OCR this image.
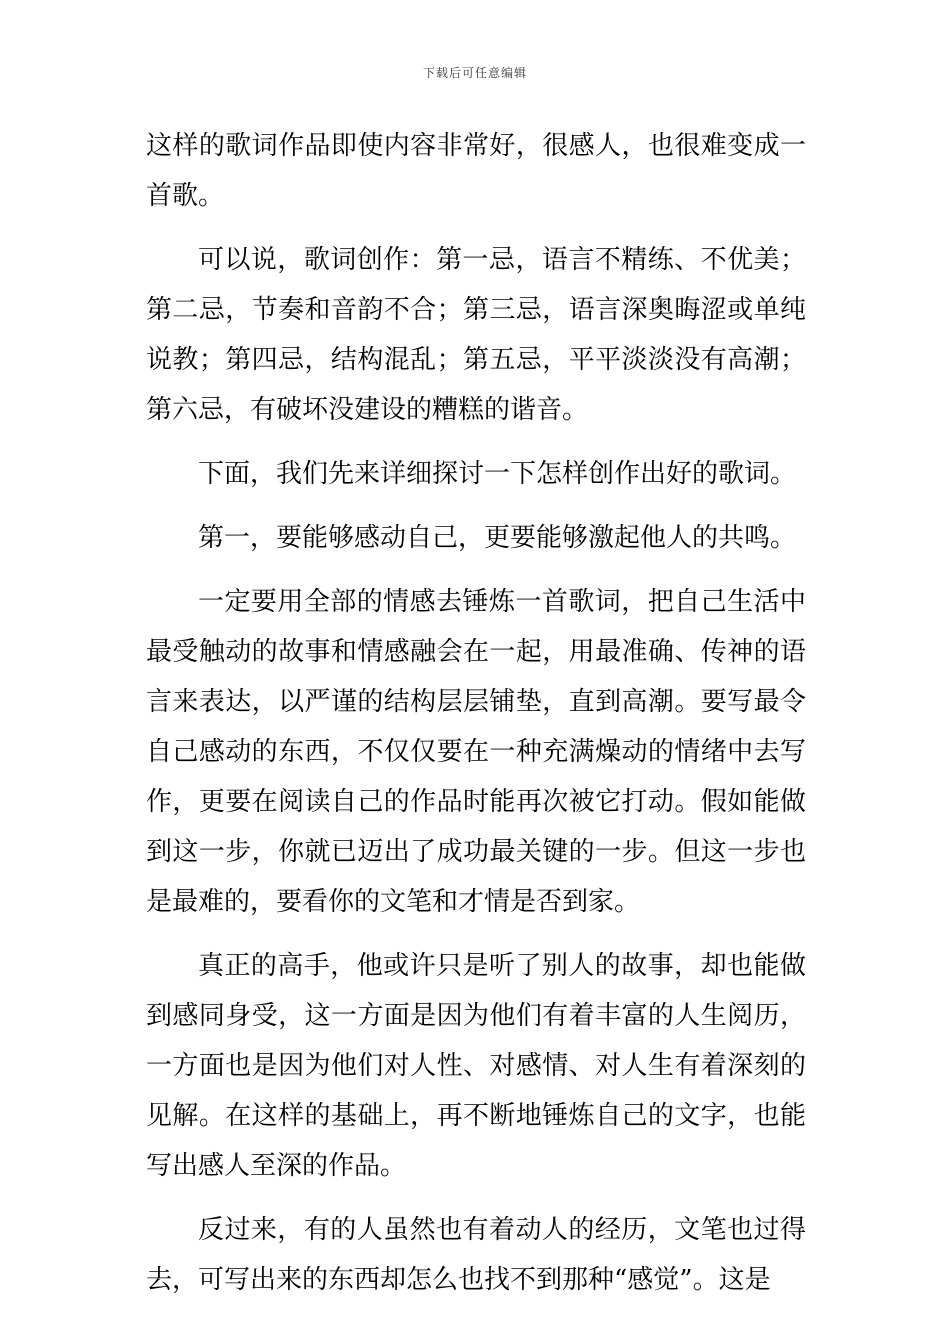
下载后可任意编辑

这样的歌词作品即使内容非常好，很感人，也很难变成一首歌。

可以说，歌词创作：第一忌，语言不精练、不优美；第二忌，节奏和音韵不合；第三忌，语言深奥晦涩或单纯说教；第四忌，结构混乱；第五忌，平平淡淡没有高潮；第六忌，有破坏没建设的糟糕的谐音。

下面，我们先来详细探讨一下怎样创作出好的歌词。

第一，要能够感动自己，更要能够激起他人的共鸣。

一定要用全部的情感去锤炼一首歌词，把自己生活中最受触动的故事和情感融会在一起，用最准确、传神的语言来表达，以严谨的结构层层铺垫，直到高潮。要写最令自己感动的东西，不仅仅要在一种充满燥动的情绪中去写作，更要在阅读自己的作品时能再次被它打动。假如能做到这一步，你就已迈出了成功最关键的一步。但这一步也是最难的，要看你的文笔和才情是否到家。

真正的高手，他或许只是听了别人的故事，却也能做到感同身受，这一方面是因为他们有着丰富的人生阅历，一方面也是因为他们对人性、对感情、对人生有着深刻的见解。在这样的基础上，再不断地锤炼自己的文字，也能写出感人至深的作品。

反过来，有的人虽然也有着动人的经历，文笔也过得去，可写出来的东西却怎么也找不到那种“感觉”。这是
